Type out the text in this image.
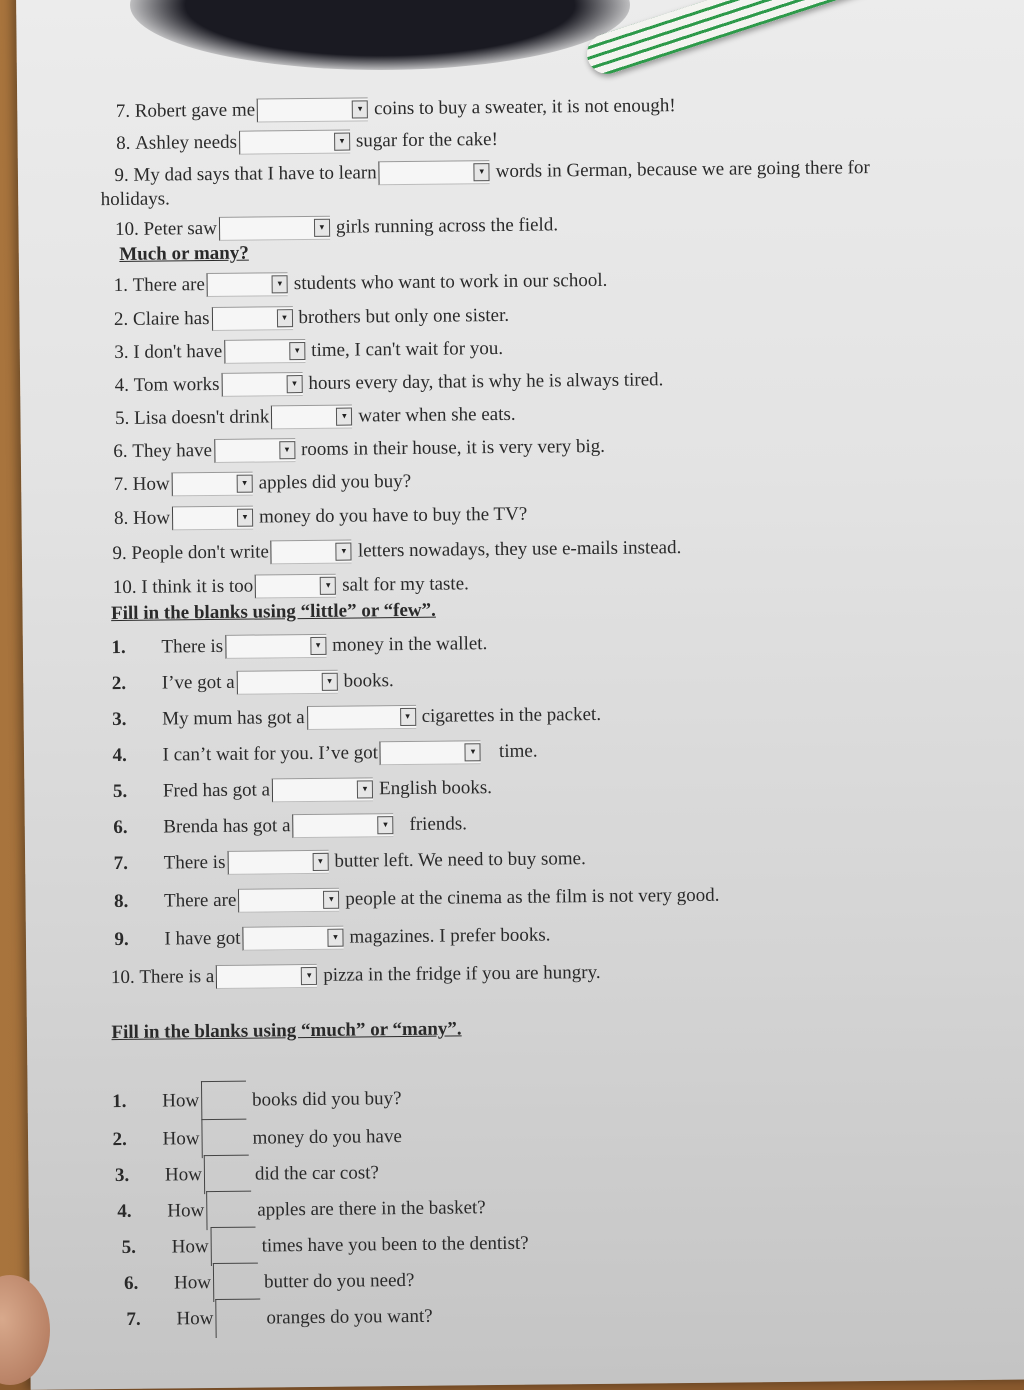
7.
Robert gave me	▾ coins to buy a sweater, it is not enough!
8.
Ashley needs	▾ sugar for the cake!
9.
My dad says that I have to learn	▾ words in German, because we are going there for
holidays.
10.
Peter saw	▾ girls running across the field.
Much or many?
1.
There are	▾ students who want to work in our school.
2.
Claire has	▾ brothers but only one sister.
3.
I don't have	▾ time, I can't wait for you.
4.
Tom works	▾ hours every day, that is why he is always tired.
5.
Lisa doesn't drink	▾ water when she eats.
6.
They have	▾ rooms in their house, it is very very big.
7.
How	▾ apples did you buy?
8.
How	▾ money do you have to buy the TV?
9.
People don't write	▾ letters nowadays, they use e-mails instead.
10.
I think it is too	▾ salt for my taste.
Fill in the blanks using “little” or “few”.
1.	There is	▾ money in the wallet.
2.	I’ve got a	▾ books.
3.	My mum has got a	▾ cigarettes in the packet.
4.	I can’t wait for you. I’ve got	▾	time.
5.	Fred has got a	▾ English books.
6.	Brenda has got a	▾	friends.
7.	There is	▾ butter left. We need to buy some.
8.	There are	▾ people at the cinema as the film is not very good.
9.	I have got	▾ magazines. I prefer books.
10.
There is a	▾ pizza in the fridge if you are hungry.
Fill in the blanks using “much” or “many”.
1.	How	books did you buy?
2.	How	money do you have
3.	How	did the car cost?
4.	How	apples are there in the basket?
5.	How	times have you been to the dentist?
6.	How	butter do you need?
7.	How	oranges do you want?
